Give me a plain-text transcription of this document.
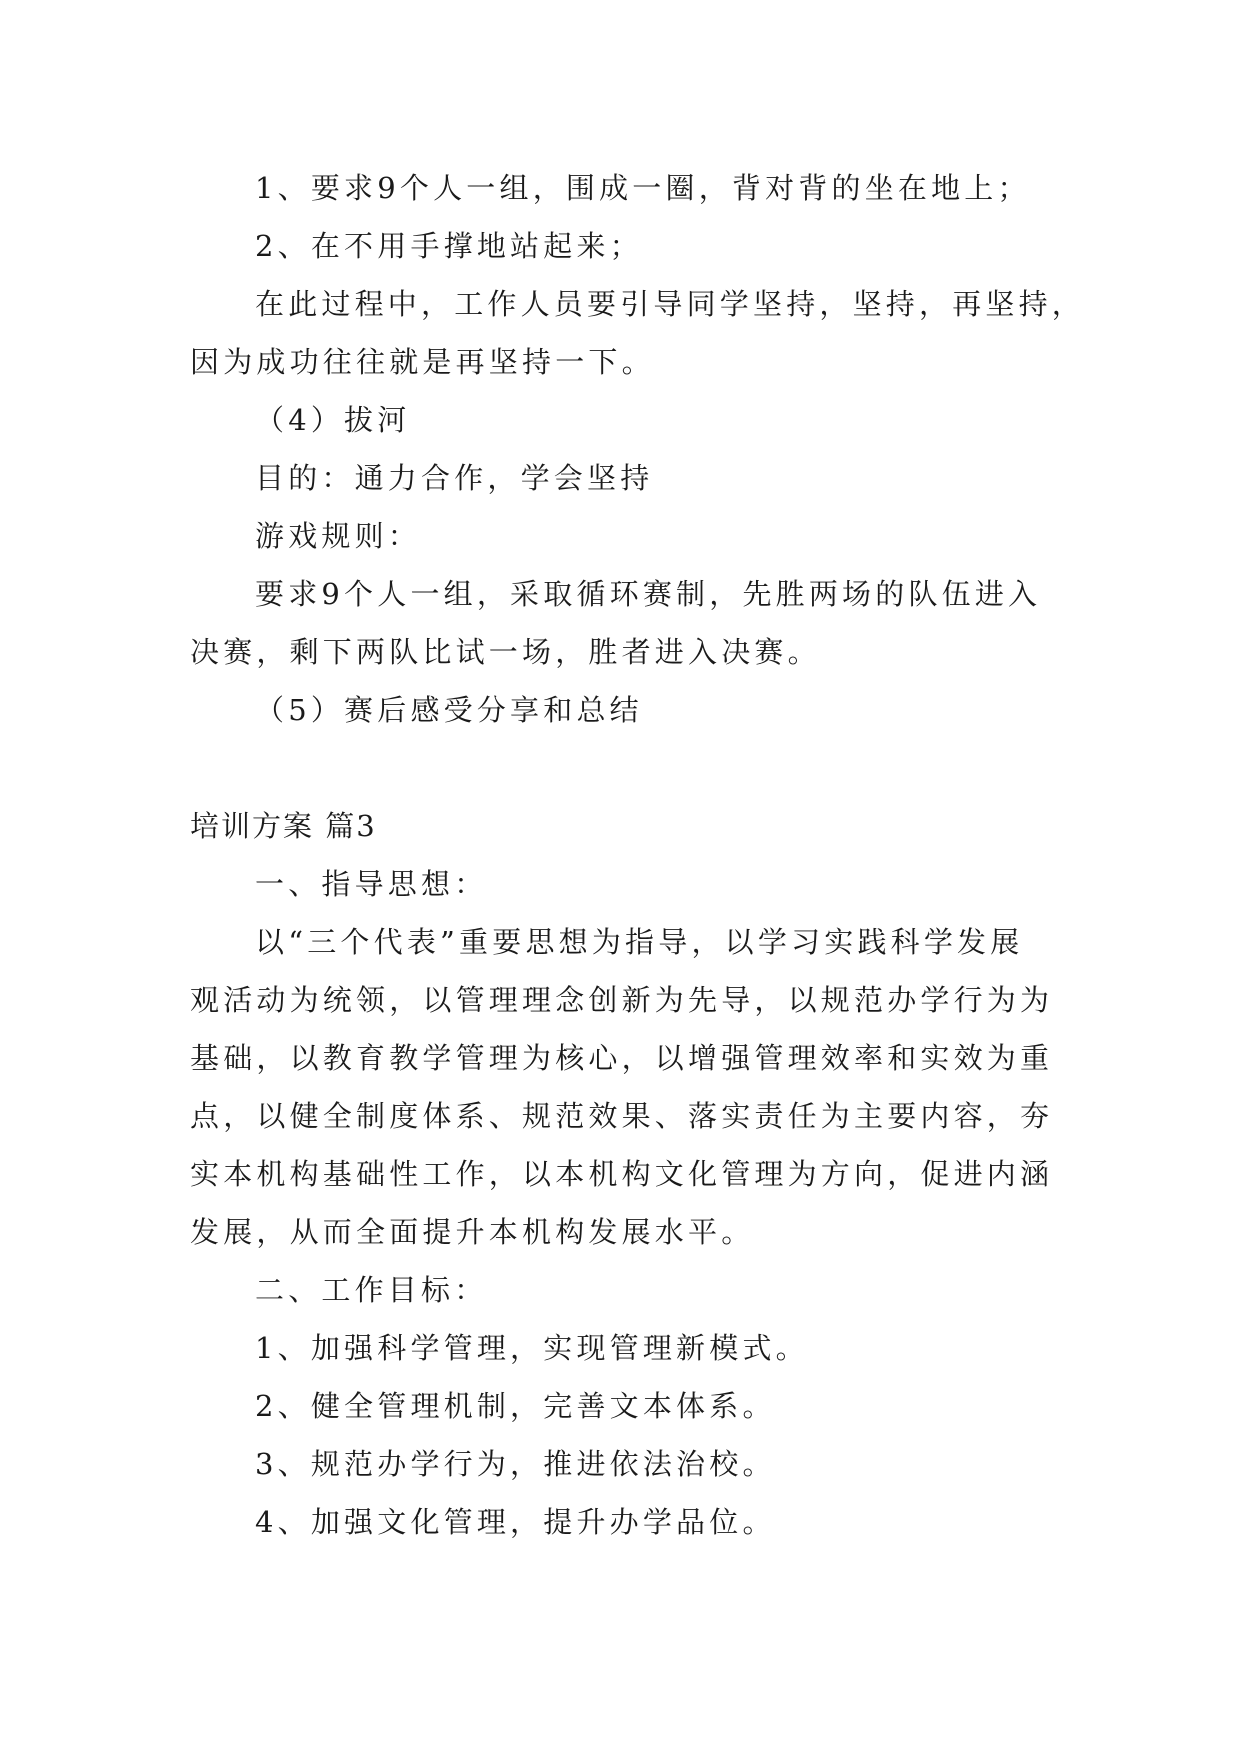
1、要求9个人一组，围成一圈，背对背的坐在地上；

2、在不用手撑地站起来；

在此过程中，工作人员要引导同学坚持，坚持，再坚持，

因为成功往往就是再坚持一下。

（4）拔河

目的：通力合作，学会坚持

游戏规则：

要求9个人一组，采取循环赛制，先胜两场的队伍进入

决赛，剩下两队比试一场，胜者进入决赛。

（5）赛后感受分享和总结

培训方案 篇3

一、指导思想：

以“三个代表”重要思想为指导，以学习实践科学发展

观活动为统领，以管理理念创新为先导，以规范办学行为为

基础，以教育教学管理为核心，以增强管理效率和实效为重

点，以健全制度体系、规范效果、落实责任为主要内容，夯

实本机构基础性工作，以本机构文化管理为方向，促进内涵

发展，从而全面提升本机构发展水平。

二、工作目标：

1、加强科学管理，实现管理新模式。

2、健全管理机制，完善文本体系。

3、规范办学行为，推进依法治校。

4、加强文化管理，提升办学品位。
